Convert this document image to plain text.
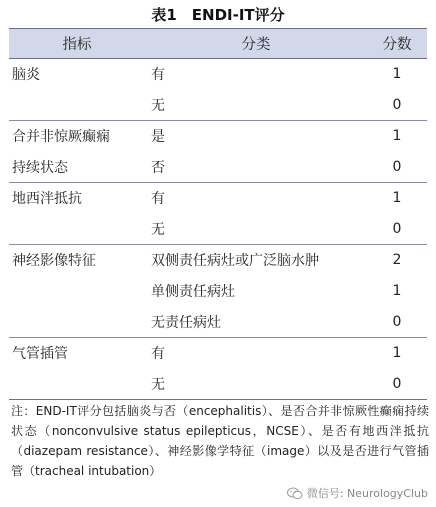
表1　ENDI-IT评分
指标	分类	分数
脑炎	有	1
	无	0
合并非惊厥癫痫	是	1
持续状态	否	0
地西泮抵抗	有	1
	无	0
神经影像特征	双侧责任病灶或广泛脑水肿	2
	单侧责任病灶	1
	无责任病灶	0
气管插管	有	1
	无	0
注：END-IT评分包括脑炎与否（encephalitis）、是否合并非惊厥性癫痫持续状态（nonconvulsive status epilepticus，NCSE）、是否有地西泮抵抗（diazepam resistance）、神经影像学特征（image）以及是否进行气管插管（tracheal intubation）
微信号: NeurologyClub
